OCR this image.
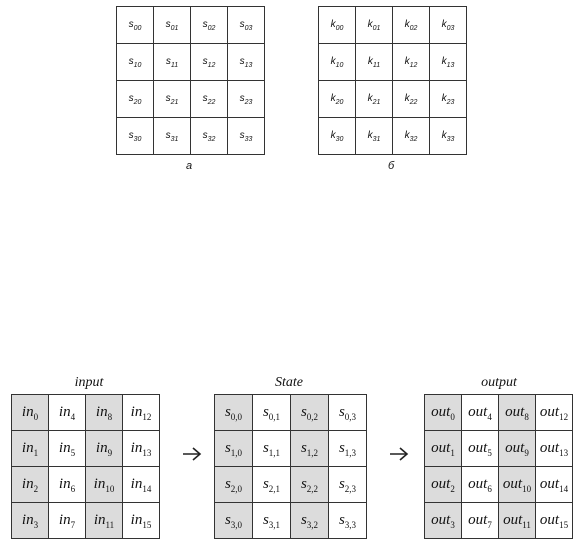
$s_{00}$	$s_{01}$	$s_{02}$	$s_{03}$
$s_{10}$	$s_{11}$	$s_{12}$	$s_{13}$
$s_{20}$	$s_{21}$	$s_{22}$	$s_{23}$
$s_{30}$	$s_{31}$	$s_{32}$	$s_{33}$
а
$k_{00}$	$k_{01}$	$k_{02}$	$k_{03}$
$k_{10}$	$k_{11}$	$k_{12}$	$k_{13}$
$k_{20}$	$k_{21}$	$k_{22}$	$k_{23}$
$k_{30}$	$k_{31}$	$k_{32}$	$k_{33}$
б
input
$in_0$	$in_4$	$in_8$	$in_{12}$
$in_1$	$in_5$	$in_9$	$in_{13}$
$in_2$	$in_6$	$in_{10}$	$in_{14}$
$in_3$	$in_7$	$in_{11}$	$in_{15}$
State
$s_{0,0}$	$s_{0,1}$	$s_{0,2}$	$s_{0,3}$
$s_{1,0}$	$s_{1,1}$	$s_{1,2}$	$s_{1,3}$
$s_{2,0}$	$s_{2,1}$	$s_{2,2}$	$s_{2,3}$
$s_{3,0}$	$s_{3,1}$	$s_{3,2}$	$s_{3,3}$
output
out$_0$	out$_4$	out$_8$	out$_{12}$
out$_1$	out$_5$	out$_9$	out$_{13}$
out$_2$	out$_6$	out$_{10}$	out$_{14}$
out$_3$	out$_7$	out$_{11}$	out$_{15}$
